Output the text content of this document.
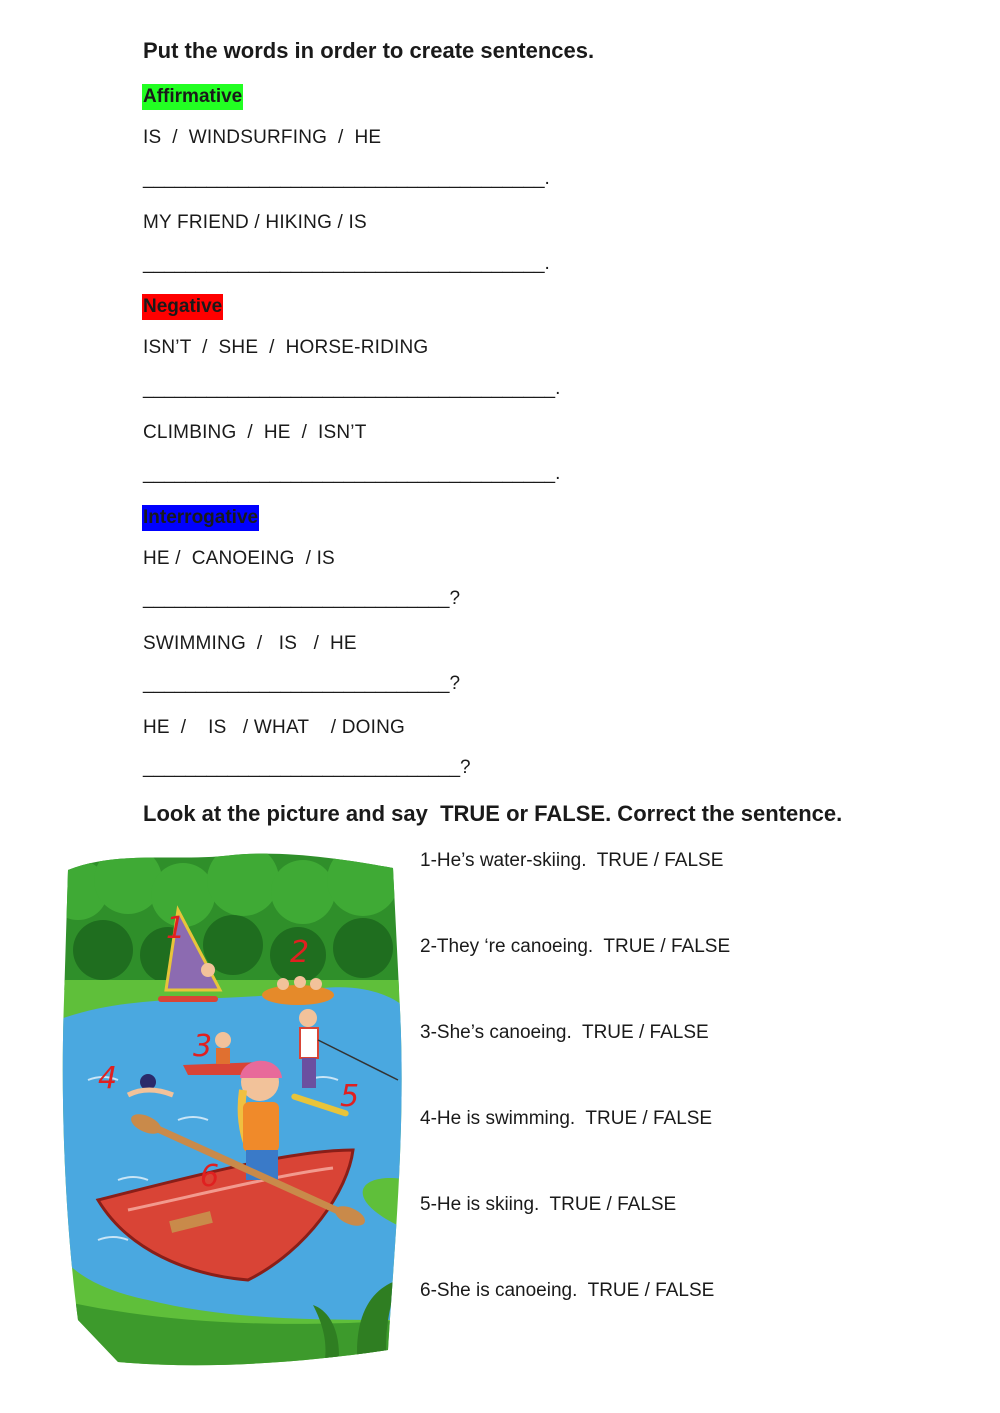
Put the words in order to create sentences.
Affirmative
IS  /  WINDSURFING  /  HE
______________________________________.
MY FRIEND / HIKING / IS
______________________________________.
Negative
ISN’T  /  SHE  /  HORSE-RIDING
_______________________________________.
CLIMBING  /  HE  /  ISN’T
_______________________________________.
Interrogative
HE /  CANOEING  / IS
_____________________________?
SWIMMING  /   IS   /  HE
_____________________________?
HE  /    IS   / WHAT    / DOING
______________________________?
Look at the picture and say  TRUE or FALSE. Correct the sentence.
1-He’s water-skiing.  TRUE / FALSE
2-They ‘re canoeing.  TRUE / FALSE
3-She’s canoeing.  TRUE / FALSE
4-He is swimming.  TRUE / FALSE
5-He is skiing.  TRUE / FALSE
6-She is canoeing.  TRUE / FALSE
1
2
3
4
5
6
